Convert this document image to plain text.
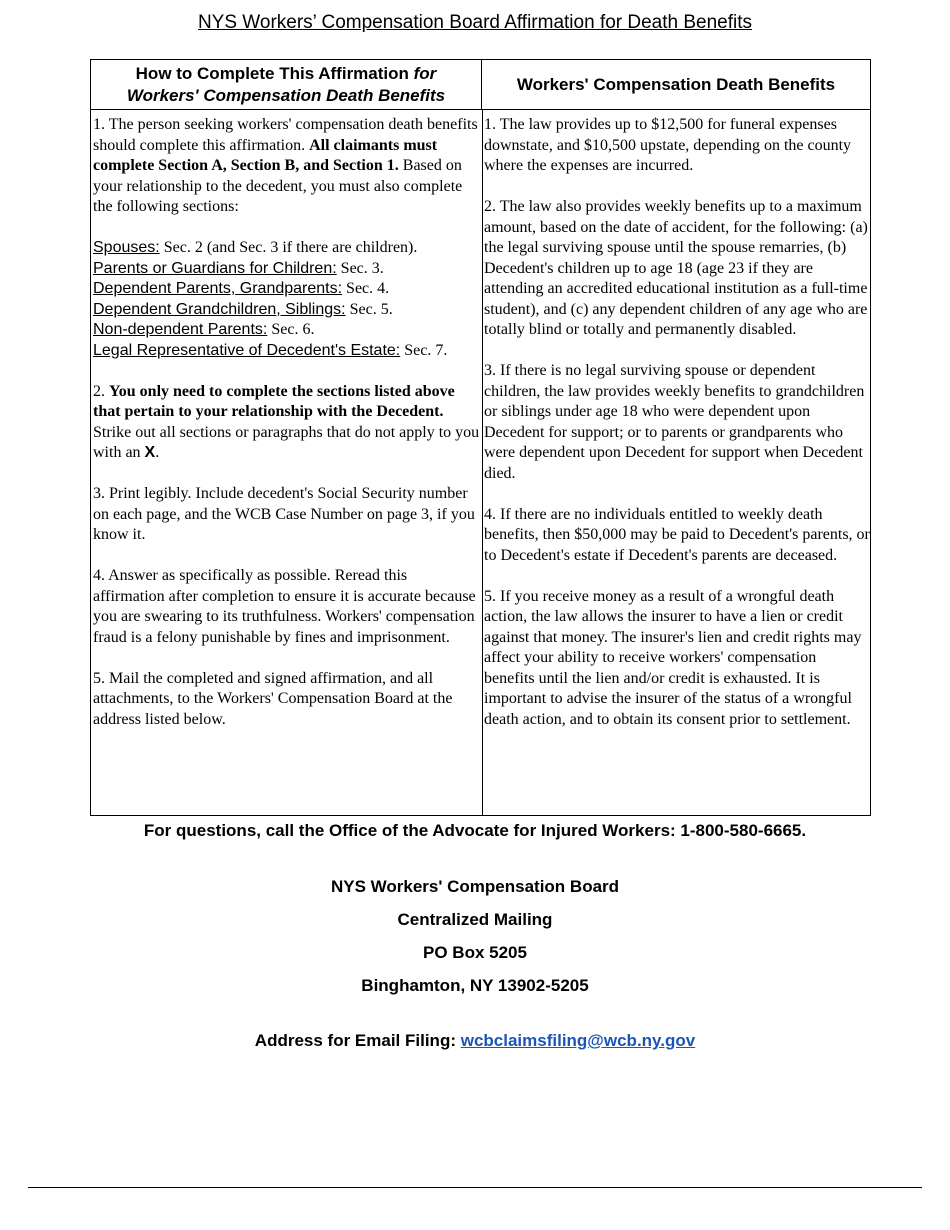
NYS Workers’ Compensation Board Affirmation for Death Benefits
How to Complete This Affirmation for
Workers' Compensation Death Benefits
Workers' Compensation Death Benefits

1. The person seeking workers' compensation death benefits should complete this affirmation. All claimants must complete Section A, Section B, and Section 1. Based on your relationship to the decedent, you must also complete the following sections:

Spouses: Sec. 2 (and Sec. 3 if there are children).

Parents or Guardians for Children: Sec. 3.

Dependent Parents, Grandparents: Sec. 4.

Dependent Grandchildren, Siblings: Sec. 5.

Non-dependent Parents: Sec. 6.

Legal Representative of Decedent's Estate: Sec. 7.

2. You only need to complete the sections listed above that pertain to your relationship with the Decedent. Strike out all sections or paragraphs that do not apply to you with an X.

3. Print legibly. Include decedent's Social Security number on each page, and the WCB Case Number on page 3, if you know it.

4. Answer as specifically as possible. Reread this affirmation after completion to ensure it is accurate because you are swearing to its truthfulness. Workers' compensation fraud is a felony punishable by fines and imprisonment.

5. Mail the completed and signed affirmation, and all attachments, to the Workers' Compensation Board at the address listed below.

1. The law provides up to $12,500 for funeral expenses downstate, and $10,500 upstate, depending on the county where the expenses are incurred.

2. The law also provides weekly benefits up to a maximum amount, based on the date of accident, for the following: (a) the legal surviving spouse until the spouse remarries, (b) Decedent's children up to age 18 (age 23 if they are attending an accredited educational institution as a full-time student), and (c) any dependent children of any age who are totally blind or totally and permanently disabled.

3. If there is no legal surviving spouse or dependent children, the law provides weekly benefits to grandchildren or siblings under age 18 who were dependent upon Decedent for support; or to parents or grandparents who were dependent upon Decedent for support when Decedent died.

4. If there are no individuals entitled to weekly death benefits, then $50,000 may be paid to Decedent's parents, or to Decedent's estate if Decedent's parents are deceased.

5. If you receive money as a result of a wrongful death action, the law allows the insurer to have a lien or credit against that money. The insurer's lien and credit rights may affect your ability to receive workers' compensation benefits until the lien and/or credit is exhausted. It is important to advise the insurer of the status of a wrongful death action, and to obtain its consent prior to settlement.

For questions, call the Office of the Advocate for Injured Workers: 1-800-580-6665.
NYS Workers' Compensation Board
Centralized Mailing
PO Box 5205
Binghamton, NY 13902-5205
Address for Email Filing: wcbclaimsfiling@wcb.ny.gov
